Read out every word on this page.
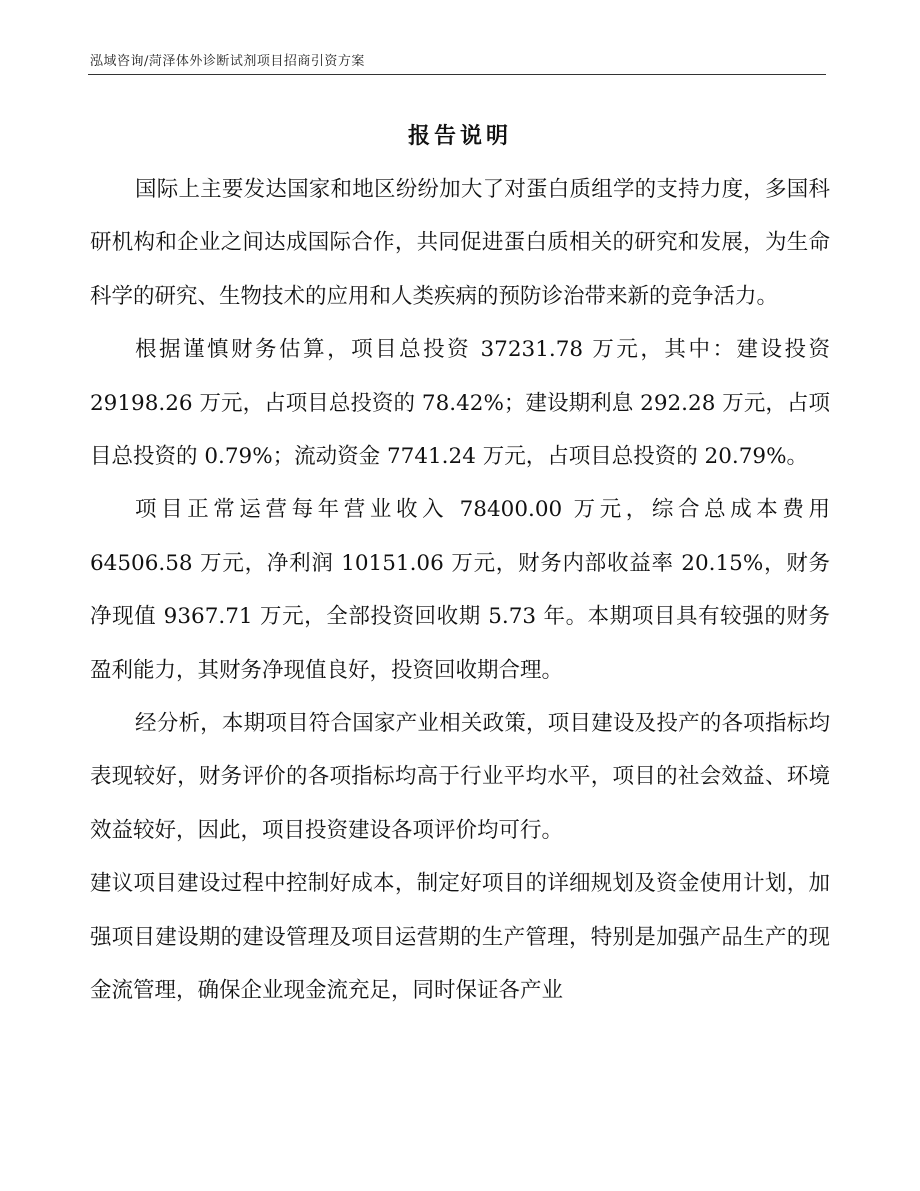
泓域咨询/菏泽体外诊断试剂项目招商引资方案
报告说明

国际上主要发达国家和地区纷纷加大了对蛋白质组学的支持力度，多国科研机构和企业之间达成国际合作，共同促进蛋白质相关的研究和发展，为生命科学的研究、生物技术的应用和人类疾病的预防诊治带来新的竞争活力。

根据谨慎财务估算，项目总投资 37231.78 万元，其中：建设投资 29198.26 万元，占项目总投资的 78.42%；建设期利息 292.28 万元，占项目总投资的 0.79%；流动资金 7741.24 万元，占项目总投资的 20.79%。

项目正常运营每年营业收入 78400.00 万元，综合总成本费用 64506.58 万元，净利润 10151.06 万元，财务内部收益率 20.15%，财务净现值 9367.71 万元，全部投资回收期 5.73 年。本期项目具有较强的财务盈利能力，其财务净现值良好，投资回收期合理。

经分析，本期项目符合国家产业相关政策，项目建设及投产的各项指标均表现较好，财务评价的各项指标均高于行业平均水平，项目的社会效益、环境效益较好，因此，项目投资建设各项评价均可行。

建议项目建设过程中控制好成本，制定好项目的详细规划及资金使用计划，加强项目建设期的建设管理及项目运营期的生产管理，特别是加强产品生产的现金流管理，确保企业现金流充足，同时保证各产业
